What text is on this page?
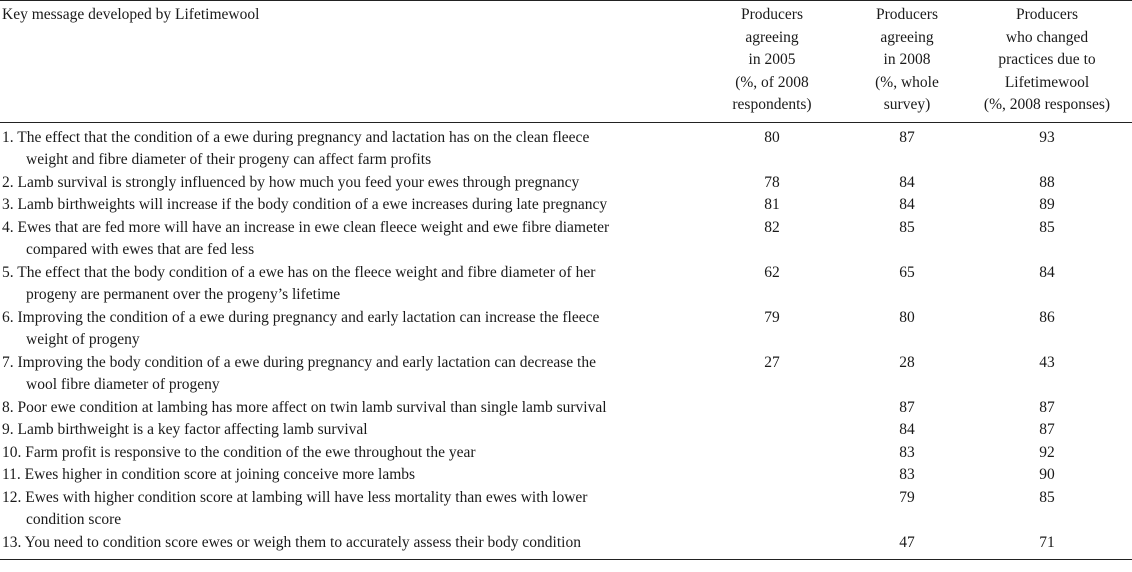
Key message developed by Lifetimewool	Producers
agreeing
in 2005
(%, of 2008
respondents)	Producers
agreeing
in 2008
(%, whole
survey)	Producers
who changed
practices due to
Lifetimewool
(%, 2008 responses)

1. The effect that the condition of a ewe during pregnancy and lactation has on the clean fleece
weight and fibre diameter of their progeny can affect farm profits	80	87	93

2. Lamb survival is strongly influenced by how much you feed your ewes through pregnancy	78	84	88

3. Lamb birthweights will increase if the body condition of a ewe increases during late pregnancy	81	84	89

4. Ewes that are fed more will have an increase in ewe clean fleece weight and ewe fibre diameter
compared with ewes that are fed less	82	85	85

5. The effect that the body condition of a ewe has on the fleece weight and fibre diameter of her
progeny are permanent over the progeny’s lifetime	62	65	84

6. Improving the condition of a ewe during pregnancy and early lactation can increase the fleece
weight of progeny	79	80	86

7. Improving the body condition of a ewe during pregnancy and early lactation can decrease the
wool fibre diameter of progeny	27	28	43

8. Poor ewe condition at lambing has more affect on twin lamb survival than single lamb survival		87	87

9. Lamb birthweight is a key factor affecting lamb survival		84	87

10. Farm profit is responsive to the condition of the ewe throughout the year		83	92

11. Ewes higher in condition score at joining conceive more lambs		83	90

12. Ewes with higher condition score at lambing will have less mortality than ewes with lower
condition score		79	85

13. You need to condition score ewes or weigh them to accurately assess their body condition		47	71
